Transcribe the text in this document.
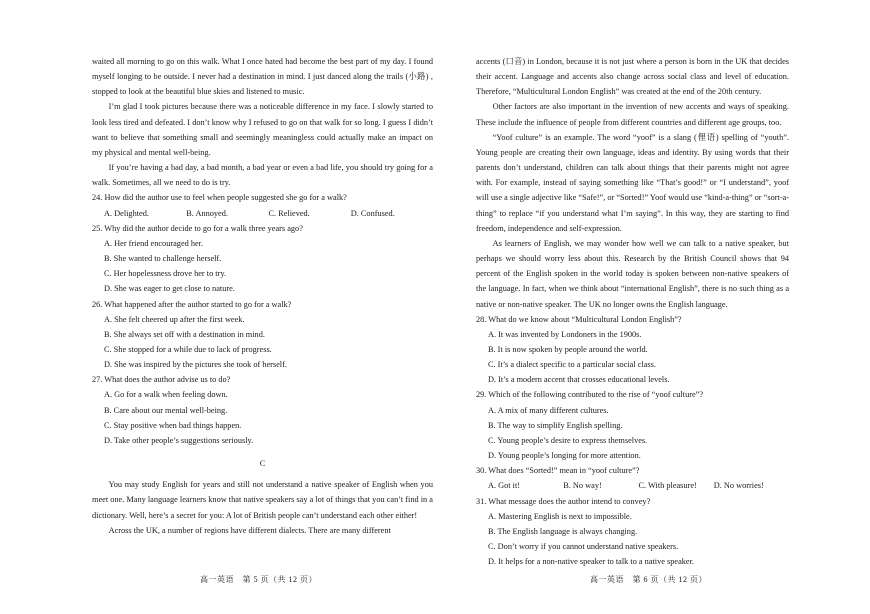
waited all morning to go on this walk. What I once hated had become the best part of my day. I found myself longing to be outside. I never had a destination in mind. I just danced along the trails (小路) , stopped to look at the beautiful blue skies and listened to music.

I’m glad I took pictures because there was a noticeable difference in my face. I slowly started to look less tired and defeated. I don’t know why I refused to go on that walk for so long. I guess I didn’t want to believe that something small and seemingly meaningless could actually make an impact on my physical and mental well-being.

If you’re having a bad day, a bad month, a bad year or even a bad life, you should try going for a walk. Sometimes, all we need to do is try.

24. How did the author use to feel when people suggested she go for a walk?

A. Delighted.	B. Annoyed.	C. Relieved.	D. Confused.

25. Why did the author decide to go for a walk three years ago?

A. Her friend encouraged her.

B. She wanted to challenge herself.

C. Her hopelessness drove her to try.

D. She was eager to get close to nature.

26. What happened after the author started to go for a walk?

A. She felt cheered up after the first week.

B. She always set off with a destination in mind.

C. She stopped for a while due to lack of progress.

D. She was inspired by the pictures she took of herself.

27. What does the author advise us to do?

A. Go for a walk when feeling down.

B. Care about our mental well-being.

C. Stay positive when bad things happen.

D. Take other people’s suggestions seriously.

C

You may study English for years and still not understand a native speaker of English when you meet one. Many language learners know that native speakers say a lot of things that you can’t find in a dictionary. Well, here’s a secret for you: A lot of British people can’t understand each other either!

Across the UK, a number of regions have different dialects. There are many different

accents (口音) in London, because it is not just where a person is born in the UK that decides their accent. Language and accents also change across social class and level of education. Therefore, “Multicultural London English” was created at the end of the 20th century.

Other factors are also important in the invention of new accents and ways of speaking. These include the influence of people from different countries and different age groups, too.

“Yoof culture” is an example. The word “yoof” is a slang (俚语) spelling of “youth”. Young people are creating their own language, ideas and identity. By using words that their parents don’t understand, children can talk about things that their parents might not agree with. For example, instead of saying something like “That’s good!” or “I understand”, yoof will use a single adjective like “Safe!”, or “Sorted!” Yoof would use “kind-a-thing” or “sort-a-thing” to replace “if you understand what I’m saying”. In this way, they are starting to find freedom, independence and self-expression.

As learners of English, we may wonder how well we can talk to a native speaker, but perhaps we should worry less about this. Research by the British Council shows that 94 percent of the English spoken in the world today is spoken between non-native speakers of the language. In fact, when we think about “international English”, there is no such thing as a native or non-native speaker. The UK no longer owns the English language.

28. What do we know about “Multicultural London English”?

A. It was invented by Londoners in the 1900s.

B. It is now spoken by people around the world.

C. It’s a dialect specific to a particular social class.

D. It’s a modern accent that crosses educational levels.

29. Which of the following contributed to the rise of “yoof culture”?

A. A mix of many different cultures.

B. The way to simplify English spelling.

C. Young people’s desire to express themselves.

D. Young people’s longing for more attention.

30. What does “Sorted!” mean in “yoof culture”?

A. Got it!	B. No way!	C. With pleasure!	D. No worries!

31. What message does the author intend to convey?

A. Mastering English is next to impossible.

B. The English language is always changing.

C. Don’t worry if you cannot understand native speakers.

D. It helps for a non-native speaker to talk to a native speaker.

高一英语　第 5 页（共 12 页）	高一英语　第 6 页（共 12 页）
